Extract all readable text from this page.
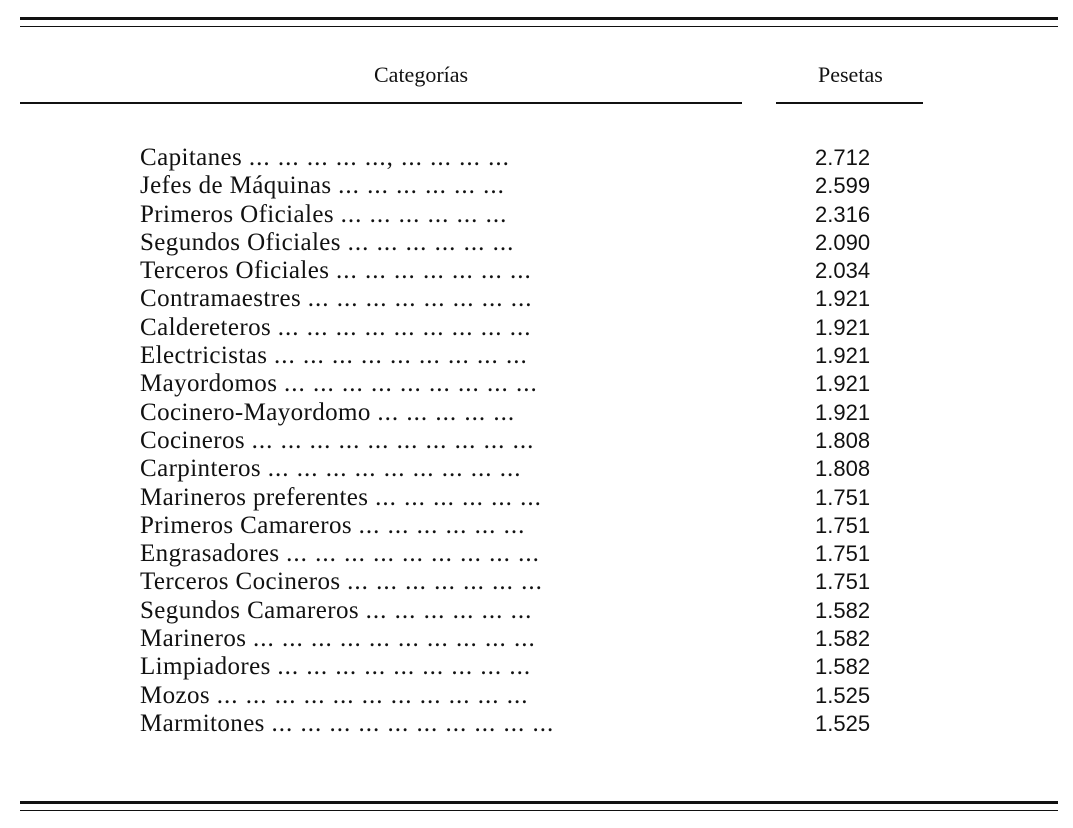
Categorías	Pesetas
Capitanes ... ... ... ... ..., ... ... ... ... ... .	2.712
Jefes de Máquinas ... ... ... ... ... ... ... .	2.599
Primeros Oficiales ... ... ... ... ... ... ... .	2.316
Segundos Oficiales ... ... ... ... ... ... ... .	2.090
Terceros Oficiales ... ... ... ... ... ... ... ... .	2.034
Contramaestres ... ... ... ... ... ... ... ... ... .	1.921
Caldereteros ... ... ... ... ... ... ... ... ... ... .	1.921
Electricistas ... ... ... ... ... ... ... ... ... ... .	1.921
Mayordomos ... ... ... ... ... ... ... ... ... ... .	1.921
Cocinero-Mayordomo ... ... ... ... ... ... .	1.921
Cocineros ... ... ... ... ... ... ... ... ... ... ... .	1.808
Carpinteros ... ... ... ... ... ... ... ... ... ... .	1.808
Marineros preferentes ... ... ... ... ... ... ... .	1.751
Primeros Camareros ... ... ... ... ... ... ... .	1.751
Engrasadores ... ... ... ... ... ... ... ... ... ... .	1.751
Terceros Cocineros ... ... ... ... ... ... ... ... .	1.751
Segundos Camareros ... ... ... ... ... ... ... .	1.582
Marineros ... ... ... ... ... ... ... ... ... ... ... .	1.582
Limpiadores ... ... ... ... ... ... ... ... ... ... .	1.582
Mozos ... ... ... ... ... ... ... ... ... ... ... ... .	1.525
Marmitones ... ... ... ... ... ... ... ... ... ... ... .	1.525
